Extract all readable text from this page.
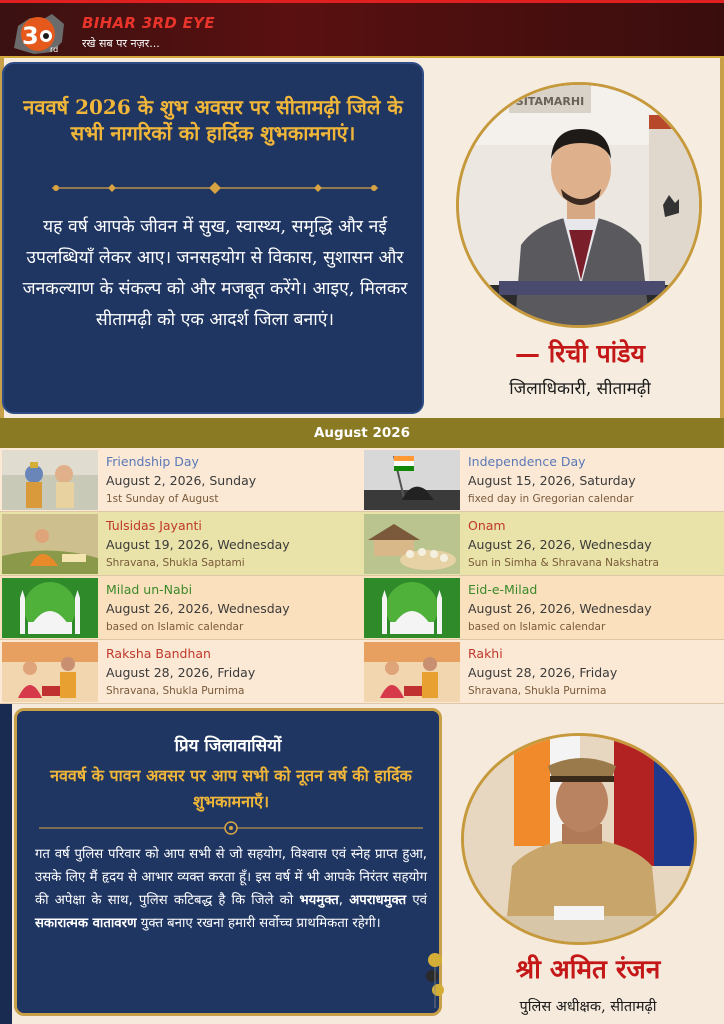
3 rd
BIHAR 3RD EYE
रखे सब पर नज़र...
नववर्ष 2026 के शुभ अवसर पर सीतामढ़ी जिले के सभी नागरिकों को हार्दिक शुभकामनाएं।
यह वर्ष आपके जीवन में सुख, स्वास्थ्य, समृद्धि और नई उपलब्धियाँ लेकर आए। जनसहयोग से विकास, सुशासन और जनकल्याण के संकल्प को और मजबूत करेंगे। आइए, मिलकर सीतामढ़ी को एक आदर्श जिला बनाएं।
SITAMARHI
— रिची पांडेय
जिलाधिकारी, सीतामढ़ी
August 2026
Friendship Day
August 2, 2026, Sunday
1st Sunday of August
Independence Day
August 15, 2026, Saturday
fixed day in Gregorian calendar
Tulsidas Jayanti
August 19, 2026, Wednesday
Shravana, Shukla Saptami
Onam
August 26, 2026, Wednesday
Sun in Simha & Shravana Nakshatra
Milad un-Nabi
August 26, 2026, Wednesday
based on Islamic calendar
Eid-e-Milad
August 26, 2026, Wednesday
based on Islamic calendar
Raksha Bandhan
August 28, 2026, Friday
Shravana, Shukla Purnima
Rakhi
August 28, 2026, Friday
Shravana, Shukla Purnima
प्रिय जिलावासियों
नववर्ष के पावन अवसर पर आप सभी को नूतन वर्ष की हार्दिक शुभकामनाएँ।
गत वर्ष पुलिस परिवार को आप सभी से जो सहयोग, विश्वास एवं स्नेह प्राप्त हुआ, उसके लिए मैं हृदय से आभार व्यक्त करता हूँ। इस वर्ष में भी आपके निरंतर सहयोग की अपेक्षा के साथ, पुलिस कटिबद्ध है कि जिले को भयमुक्त, अपराधमुक्त एवं सकारात्मक वातावरण युक्त बनाए रखना हमारी सर्वोच्च प्राथमिकता रहेगी।
श्री अमित रंजन
पुलिस अधीक्षक, सीतामढ़ी
